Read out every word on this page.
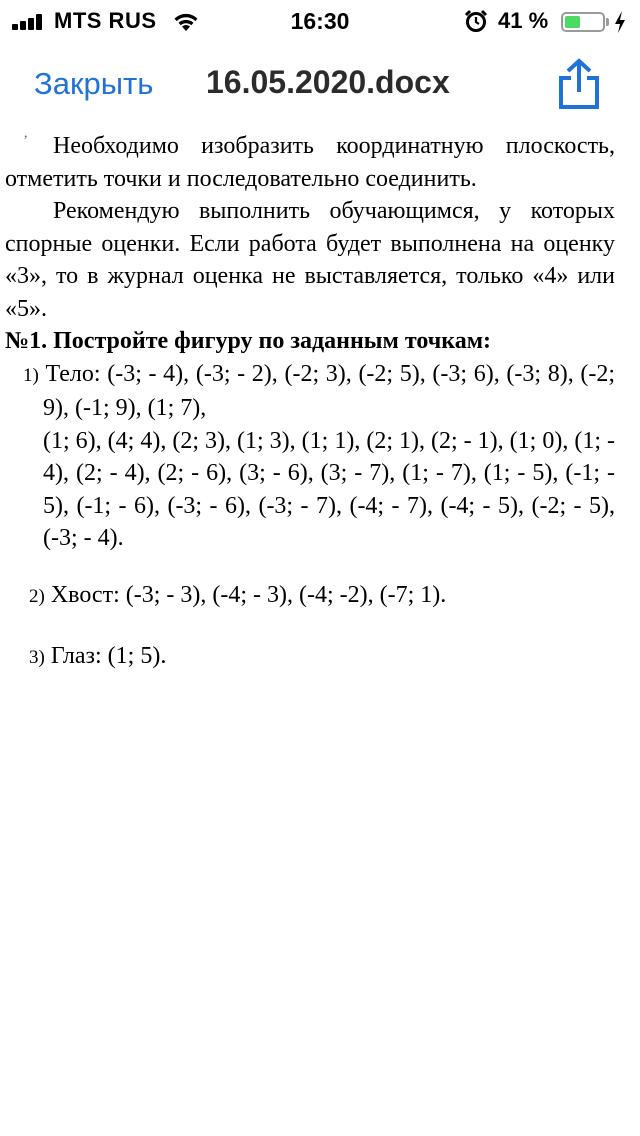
MTS RUS	16:30	41 %
Закрыть 16.05.2020.docx
,	Необходимо изобразить координатную плоскость, отметить точки и последовательно соединить.

Рекомендую выполнить обучающимся, у которых спорные оценки. Если работа будет выполнена на оценку «3», то в журнал оценка не выставляется, только «4» или «5».

№1. Постройте фигуру по заданным точкам:

1) Тело: (-3; - 4), (-3; - 2), (-2; 3), (-2; 5), (-3; 6), (-3; 8), (-2; 9), (-1; 9), (1; 7),

(1; 6), (4; 4), (2; 3), (1; 3), (1; 1), (2; 1), (2; - 1), (1; 0), (1; - 4), (2; - 4), (2; - 6), (3; - 6), (3; - 7), (1; - 7), (1; - 5), (-1; - 5), (-1; - 6), (-3; - 6), (-3; - 7), (-4; - 7), (-4; - 5), (-2; - 5), (-3; - 4).

2) Хвост: (-3; - 3), (-4; - 3), (-4; -2), (-7; 1).

3) Глаз: (1; 5).
